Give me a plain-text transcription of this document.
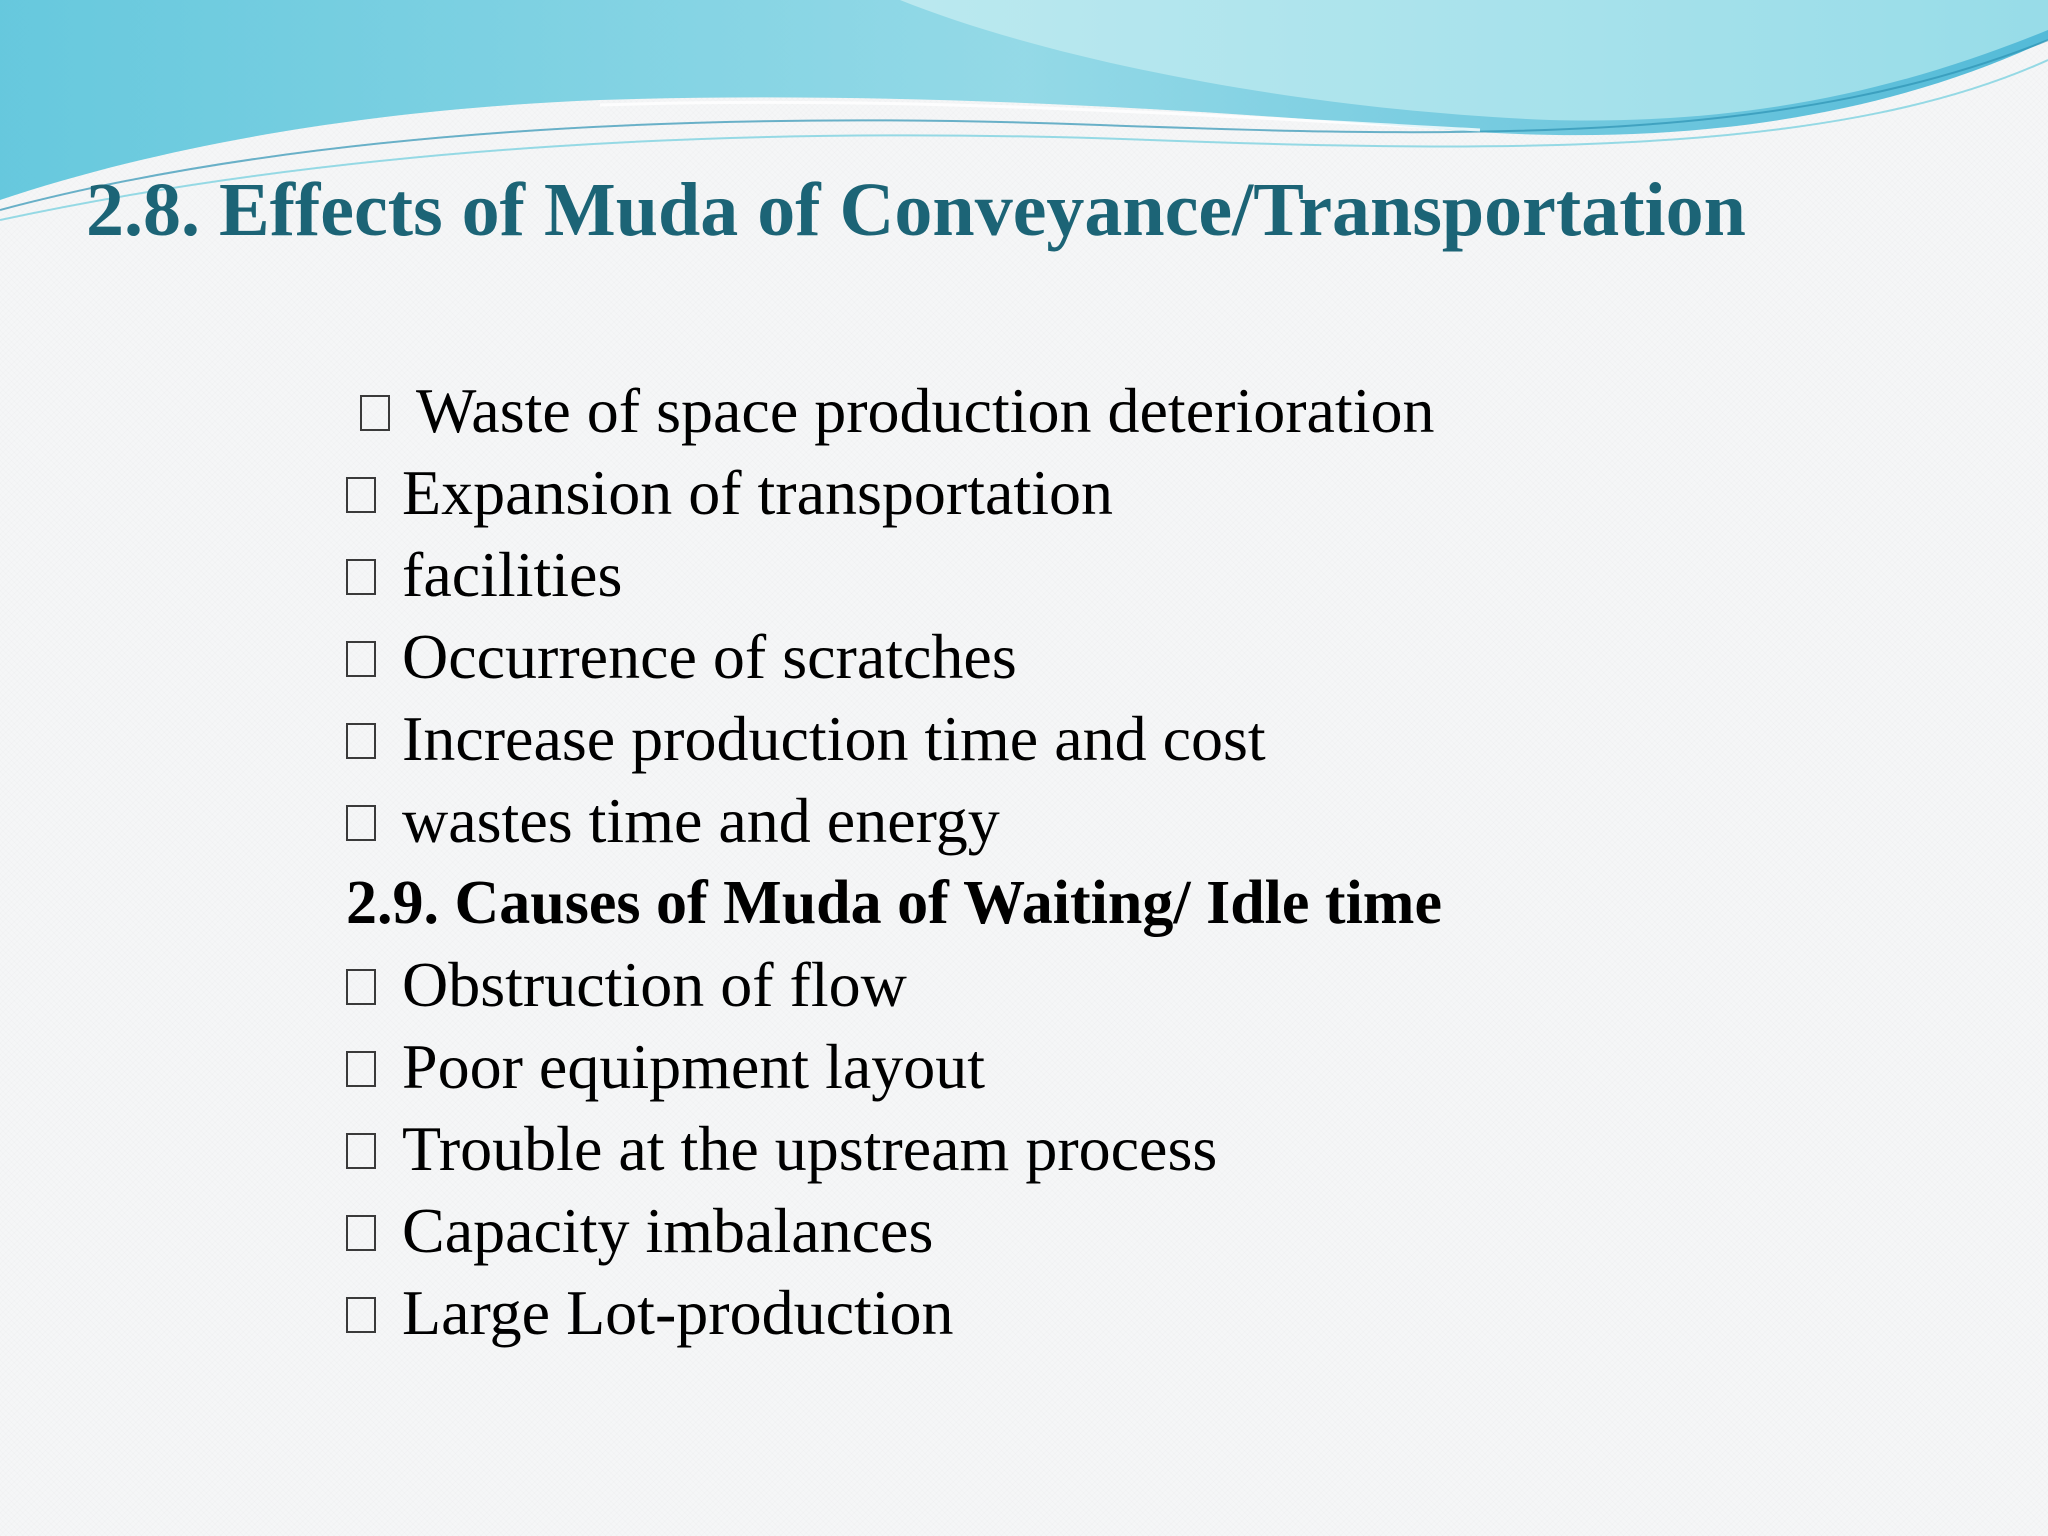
2.8. Effects of Muda of Conveyance/Transportation
Waste of space production deterioration
Expansion of transportation
facilities
Occurrence of scratches
Increase production time and cost
wastes time and energy
2.9. Causes of Muda of Waiting/ Idle time
Obstruction of flow
Poor equipment layout
Trouble at the upstream process
Capacity imbalances
Large Lot-production
